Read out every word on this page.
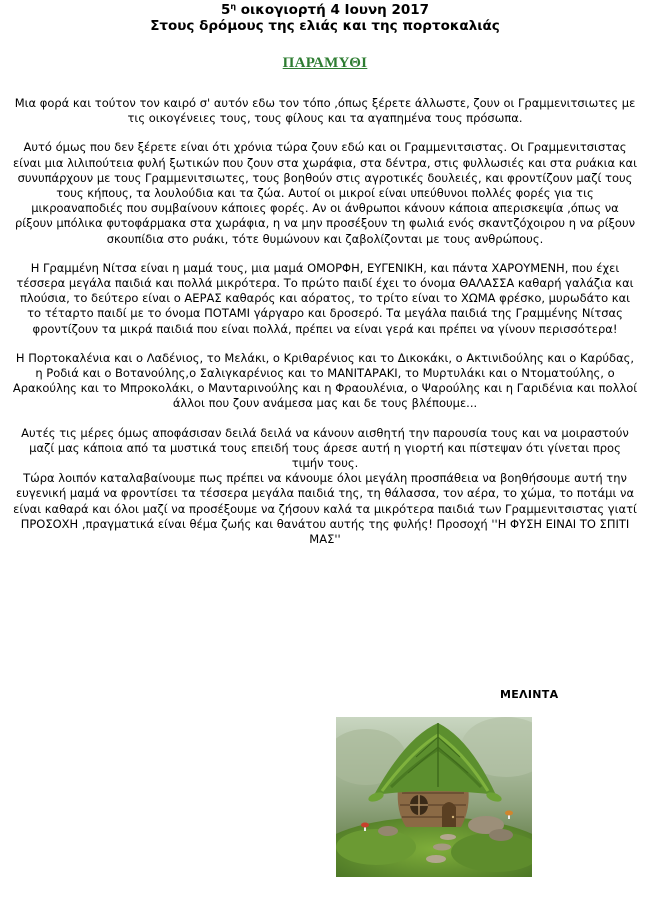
$5^\eta$ οικογιορτή 4 Ιουνη 2017
Στους δρόμους της ελιάς και της πορτοκαλιάς
ΠΑΡΑΜΥΘΙ

Μια φορά και τούτον τον καιρό σ' αυτόν εδω τον τόπο ,όπως ξέρετε άλλωστε, ζουν οι Γραμμενιτσιωτες με τις οικογένειες τους, τους φίλους και τα αγαπημένα τους πρόσωπα.

Αυτό όμως που δεν ξέρετε είναι ότι χρόνια τώρα ζουν εδώ και οι Γραμμενιτσιστας. Οι Γραμμενιτσιστας είναι μια λιλιπούτεια φυλή ξωτικών που ζουν στα χωράφια, στα δέντρα, στις φυλλωσιές και στα ρυάκια και συνυπάρχουν με τους Γραμμενιτσιωτες, τους βοηθούν στις αγροτικές δουλειές, και φροντίζουν μαζί τους τους κήπους, τα λουλούδια και τα ζώα. Αυτοί οι μικροί είναι υπεύθυνοι πολλές φορές για τις μικροαναποδιές που συμβαίνουν κάποιες φορές. Αν οι άνθρωποι κάνουν κάποια απερισκεψία ,όπως να ρίξουν μπόλικα φυτοφάρμακα στα χωράφια, η να μην προσέξουν τη φωλιά ενός σκαντζόχοιρου η να ρίξουν σκουπίδια στο ρυάκι, τότε θυμώνουν και ζαβολίζονται με τους ανθρώπους.

Η Γραμμένη Νίτσα είναι η μαμά τους, μια μαμά ΟΜΟΡΦΗ, ΕΥΓΕΝΙΚΗ, και πάντα ΧΑΡΟΥΜΕΝΗ, που έχει τέσσερα μεγάλα παιδιά και πολλά μικρότερα. Το πρώτο παιδί έχει το όνομα ΘΑΛΑΣΣΑ καθαρή γαλάζια και πλούσια, το δεύτερο είναι ο ΑΕΡΑΣ καθαρός και αόρατος, το τρίτο είναι το ΧΩΜΑ φρέσκο, μυρωδάτο και το τέταρτο παιδί με το όνομα ΠΟΤΑΜΙ γάργαρο και δροσερό. Τα μεγάλα παιδιά της Γραμμένης Νίτσας φροντίζουν τα μικρά παιδιά που είναι πολλά, πρέπει να είναι γερά και πρέπει να γίνουν περισσότερα!

Η Πορτοκαλένια και ο Λαδένιος, το Μελάκι, ο Κριθαρένιος και το Δικοκάκι, ο Ακτινιδούλης και ο Καρύδας, η Ροδιά και ο Βοτανούλης,ο Σαλιγκαρένιος και το ΜΑΝΙΤΑΡΑΚΙ, το Μυρτυλάκι και ο Ντοματούλης, ο Αρακούλης και το Μπροκολάκι, ο Μανταρινούλης και η Φραουλένια, ο Ψαρούλης και η Γαριδένια και πολλοί άλλοι που ζουν ανάμεσα μας και δε τους βλέπουμε...

Αυτές τις μέρες όμως αποφάσισαν δειλά δειλά να κάνουν αισθητή την παρουσία τους και να μοιραστούν μαζί μας κάποια από τα μυστικά τους επειδή τους άρεσε αυτή η γιορτή και πίστεψαν ότι γίνεται προς τιμήν τους.

Τώρα λοιπόν καταλαβαίνουμε πως πρέπει να κάνουμε όλοι μεγάλη προσπάθεια να βοηθήσουμε αυτή την ευγενική μαμά να φροντίσει τα τέσσερα μεγάλα παιδιά της, τη θάλασσα, τον αέρα, το χώμα, το ποτάμι να είναι καθαρά και όλοι μαζί να προσέξουμε να ζήσουν καλά τα μικρότερα παιδιά των Γραμμενιτσιστας γιατί ΠΡΟΣΟΧΗ ,πραγματικά είναι θέμα ζωής και θανάτου αυτής της φυλής! Προσοχή ''Η ΦΥΣΗ ΕΙΝΑΙ ΤΟ ΣΠΙΤΙ ΜΑΣ''

ΜΕΛΙΝΤΑ
